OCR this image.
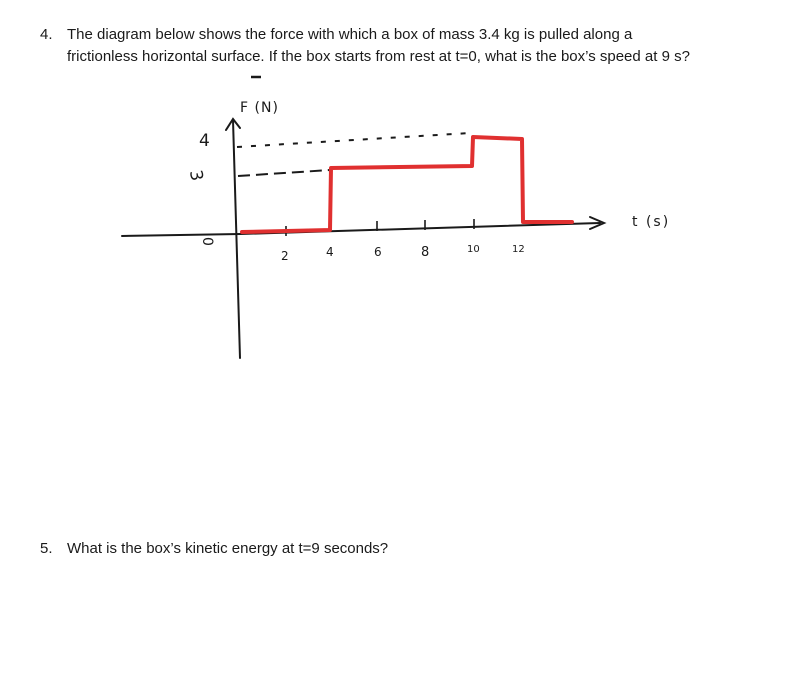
4. The diagram below shows the force with which a box of mass 3.4 kg is pulled along a frictionless horizontal surface. If the box starts from rest at t=0, what is the box’s speed at 9 s?
F (N)
t (s)
0
4
3
2	4	6	8	10	12
5. What is the box’s kinetic energy at t=9 seconds?
